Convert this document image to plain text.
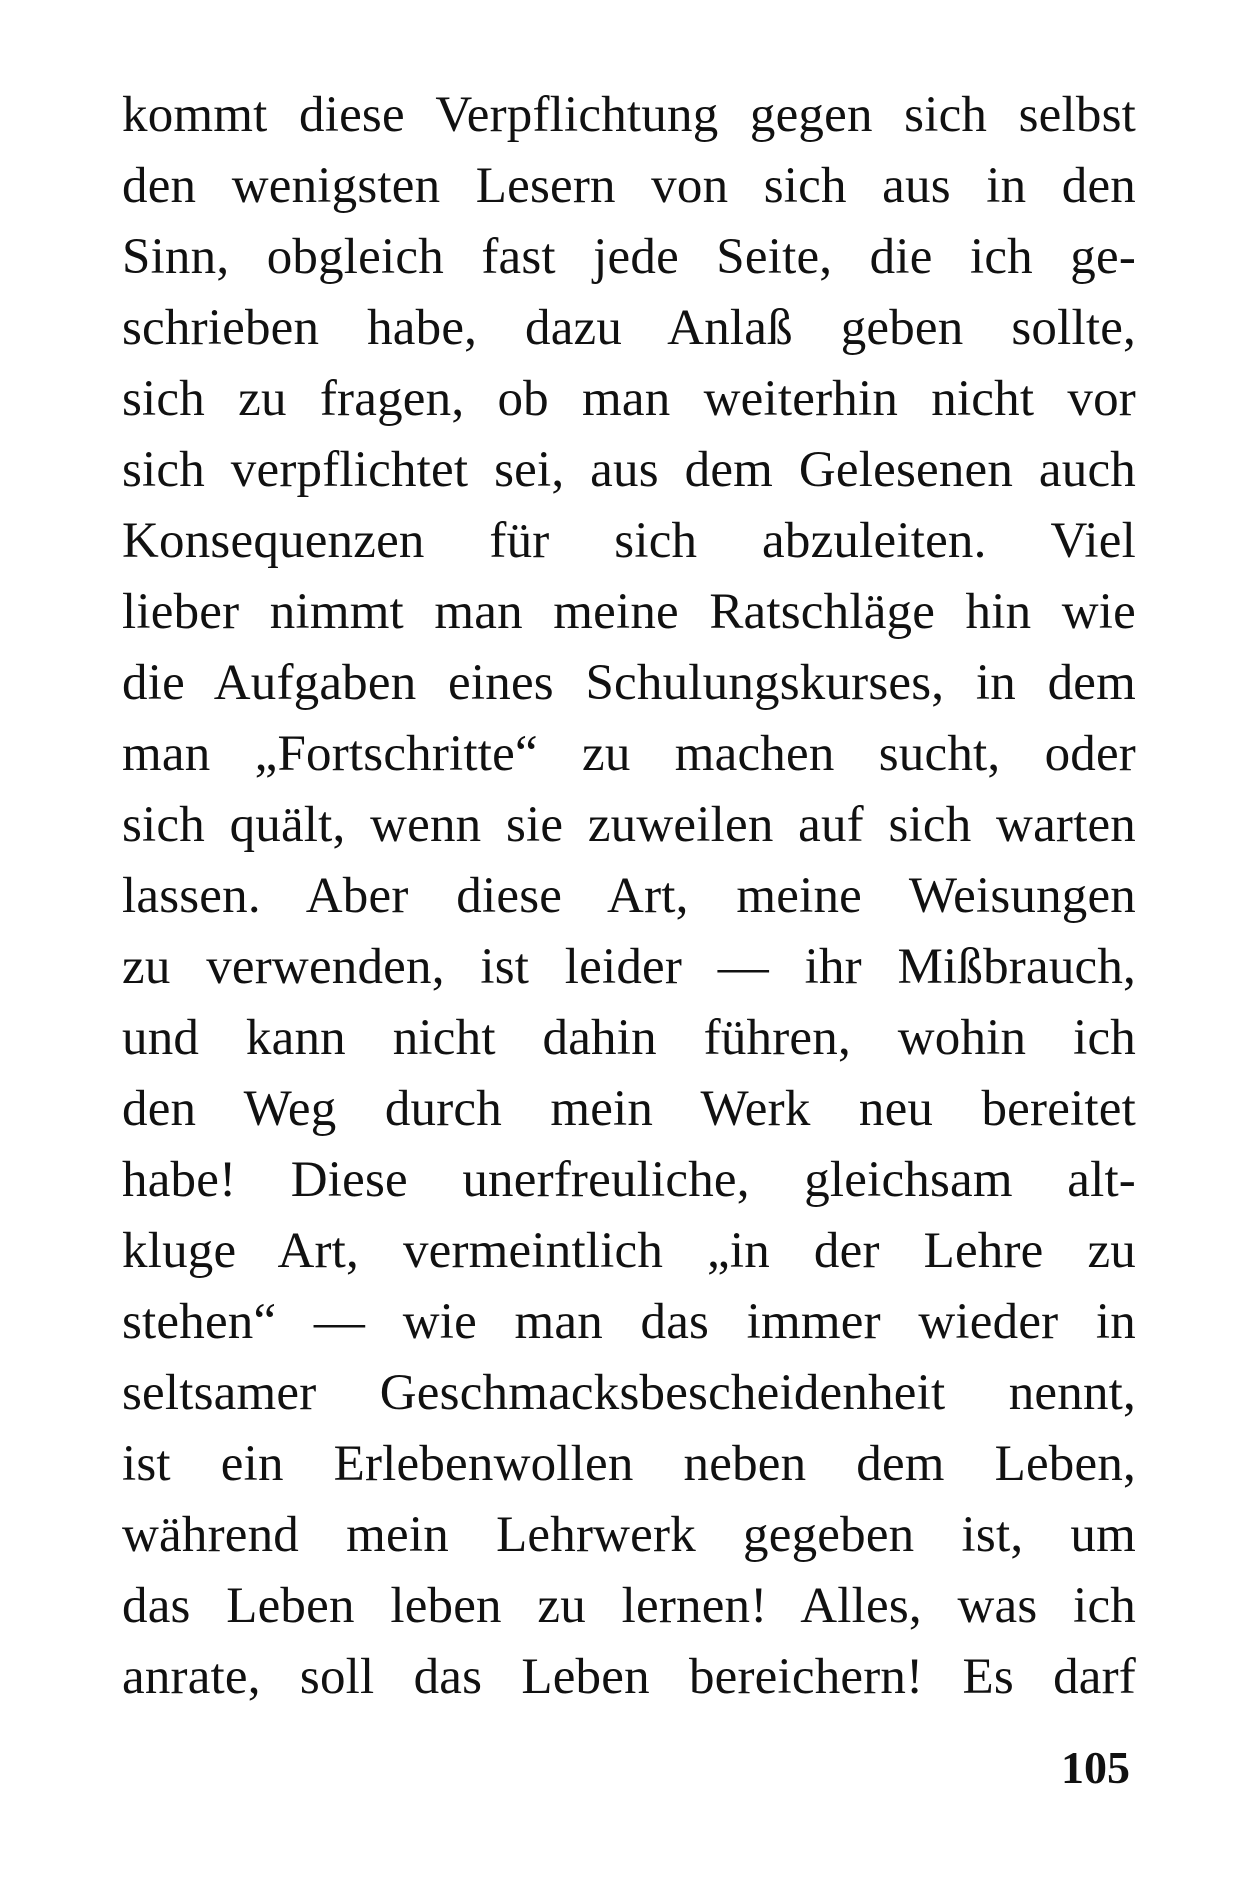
kommt diese Verpflichtung gegen sich selbst
den wenigsten Lesern von sich aus in den
Sinn, obgleich fast jede Seite, die ich ge-
schrieben habe, dazu Anlaß geben sollte,
sich zu fragen, ob man weiterhin nicht vor
sich verpflichtet sei, aus dem Gelesenen auch
Konsequenzen für sich abzuleiten. Viel
lieber nimmt man meine Ratschläge hin wie
die Aufgaben eines Schulungskurses, in dem
man „Fortschritte“ zu machen sucht, oder
sich quält, wenn sie zuweilen auf sich warten
lassen. Aber diese Art, meine Weisungen
zu verwenden, ist leider — ihr Mißbrauch,
und kann nicht dahin führen, wohin ich
den Weg durch mein Werk neu bereitet
habe! Diese unerfreuliche, gleichsam alt-
kluge Art, vermeintlich „in der Lehre zu
stehen“ — wie man das immer wieder in
seltsamer Geschmacksbescheidenheit nennt,
ist ein Erlebenwollen neben dem Leben,
während mein Lehrwerk gegeben ist, um
das Leben leben zu lernen! Alles, was ich
anrate, soll das Leben bereichern! Es darf
105
